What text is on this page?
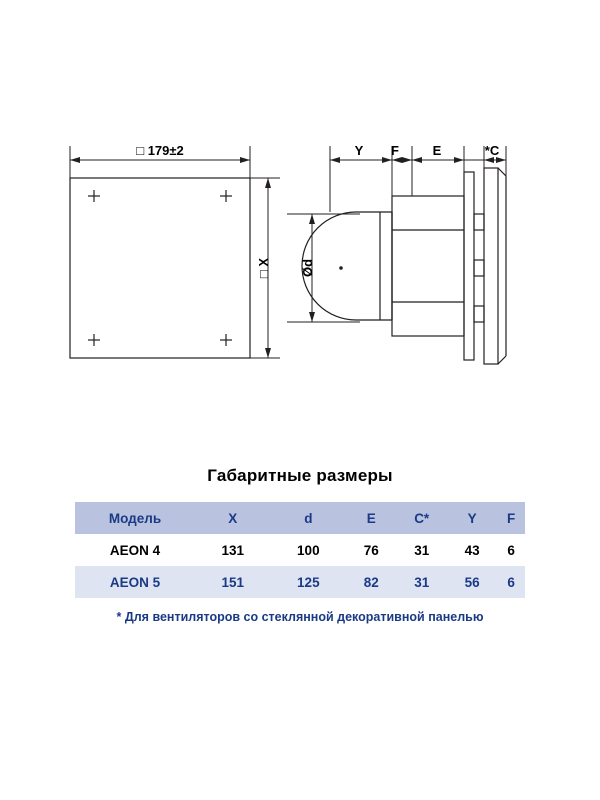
□ 179±2
□ X Ød
Y F	E	*C
Габаритные размеры
Модель	X	d	E	C*	Y	F
AEON 4	131	100	76	31	43	6
AEON 5	151	125	82	31	56	6
* Для вентиляторов со стеклянной декоративной панелью
